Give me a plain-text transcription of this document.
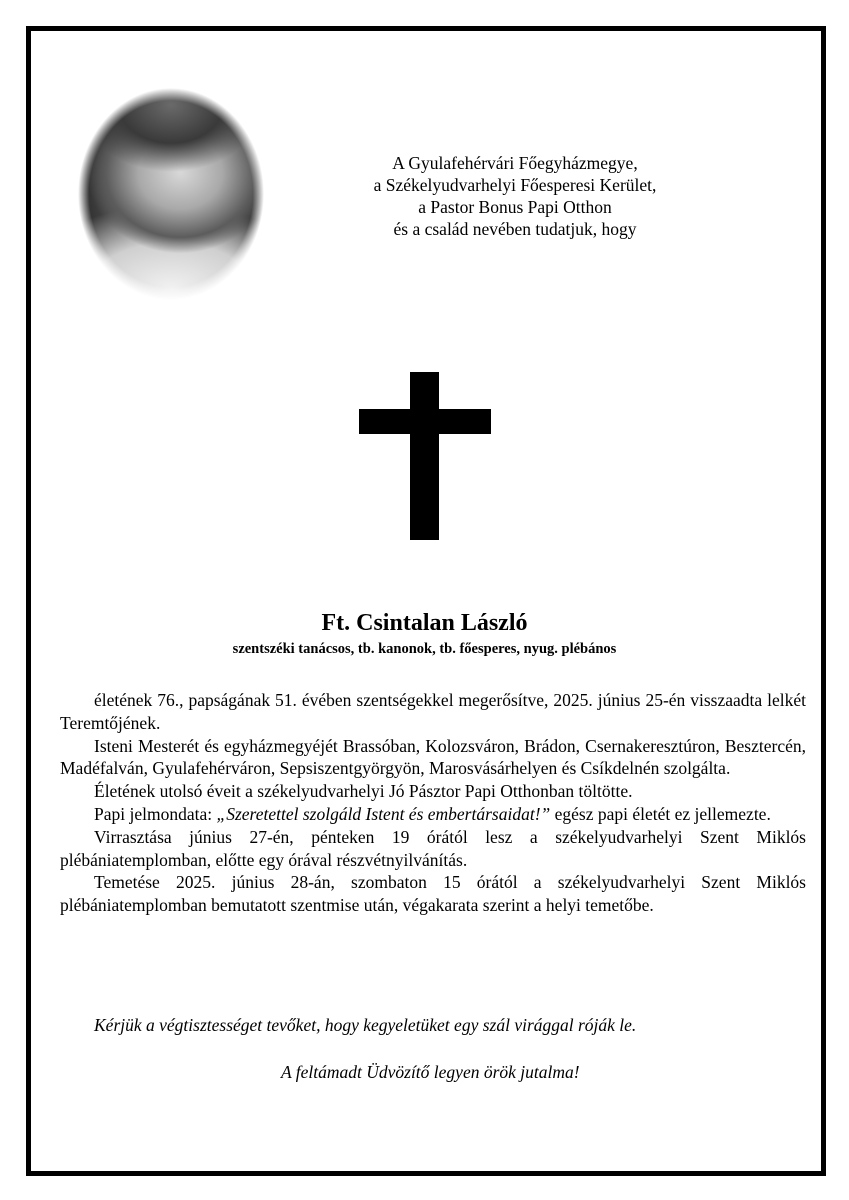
A Gyulafehérvári Főegyházmegye,
a Székelyudvarhelyi Főesperesi Kerület,
a Pastor Bonus Papi Otthon
és a család nevében tudatjuk, hogy
Ft. Csintalan László
szentszéki tanácsos, tb. kanonok, tb. főesperes, nyug. plébános

életének 76., papságának 51. évében szentségekkel megerősítve, 2025. június 25-én visszaadta lelkét Teremtőjének.

Isteni Mesterét és egyházmegyéjét Brassóban, Kolozsváron, Brádon, Csernakeresztúron, Besztercén, Madéfalván, Gyulafehérváron, Sepsiszentgyörgyön, Marosvásárhelyen és Csíkdelnén szolgálta.

Életének utolsó éveit a székelyudvarhelyi Jó Pásztor Papi Otthonban töltötte.

Papi jelmondata: „Szeretettel szolgáld Istent és embertársaidat!” egész papi életét ez jellemezte.

Virrasztása június 27-én, pénteken 19 órától lesz a székelyudvarhelyi Szent Miklós plébániatemplomban, előtte egy órával részvétnyilvánítás.

Temetése 2025. június 28-án, szombaton 15 órától a székelyudvarhelyi Szent Miklós plébániatemplomban bemutatott szentmise után, végakarata szerint a helyi temetőbe.

Kérjük a végtisztességet tevőket, hogy kegyeletüket egy szál virággal róják le.
A feltámadt Üdvözítő legyen örök jutalma!
